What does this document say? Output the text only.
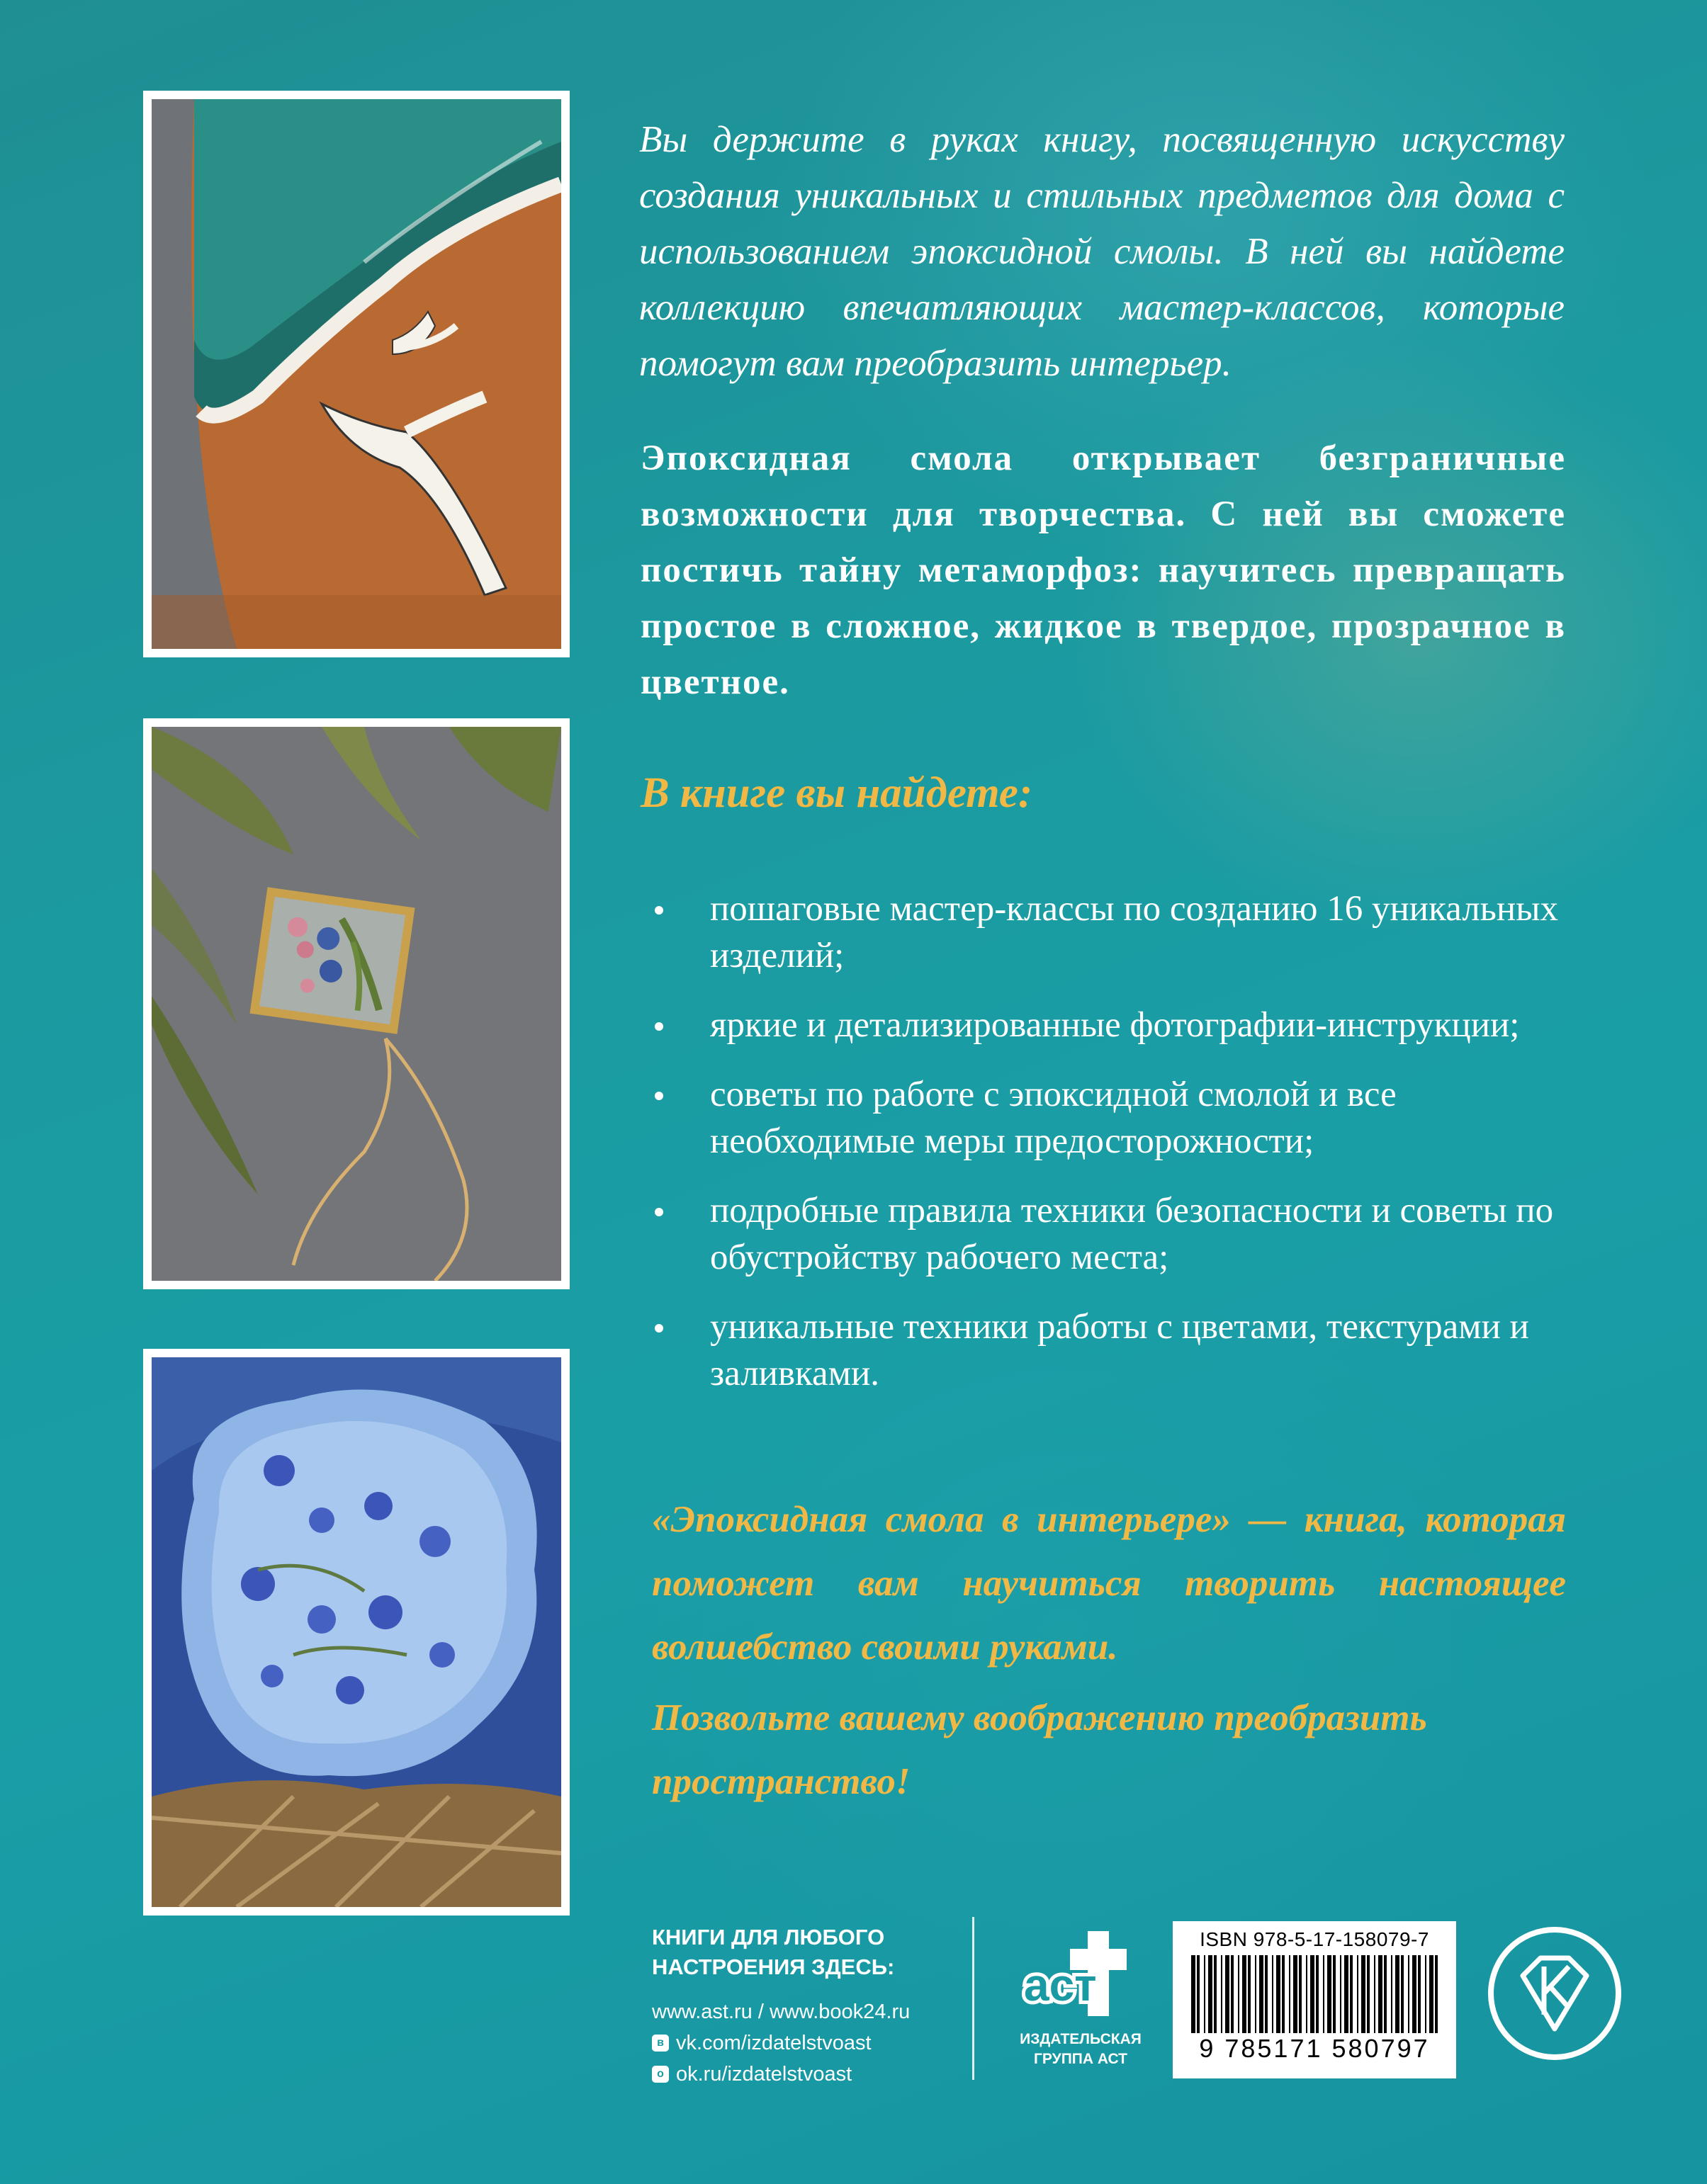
Вы держите в руках книгу, посвященную искусству создания уникальных и стильных предметов для дома с использованием эпоксидной смолы. В ней вы найдете коллекцию впечатляющих мастер-классов, которые помогут вам преобразить интерьер.

Эпоксидная смола открывает безграничные возможности для творчества. С ней вы сможете постичь тайну метаморфоз: научитесь превращать простое в сложное, жидкое в твердое, прозрачное в цветное.

В книге вы найдете:
пошаговые мастер-классы по созданию 16 уникальных изделий;
яркие и детализированные фотографии-инструкции;
советы по работе с эпоксидной смолой и все необходимые меры предосторожности;
подробные правила техники безопасности и советы по обустройству рабочего места;
уникальные техники работы с цветами, текстурами и заливками.

«Эпоксидная смола в интерьере» — книга, которая поможет вам научиться творить настоящее волшебство своими руками.

Позвольте вашему воображению преобразить пространство!

КНИГИ ДЛЯ ЛЮБОГО НАСТРОЕНИЯ ЗДЕСЬ:

www.ast.ru / www.book24.ru
в vk.com/izdatelstvoast
о ok.ru/izdatelstvoast
аст
ИЗДАТЕЛЬСКАЯ ГРУППА АСТ
ISBN 978-5-17-158079-7
9 785171 580797
